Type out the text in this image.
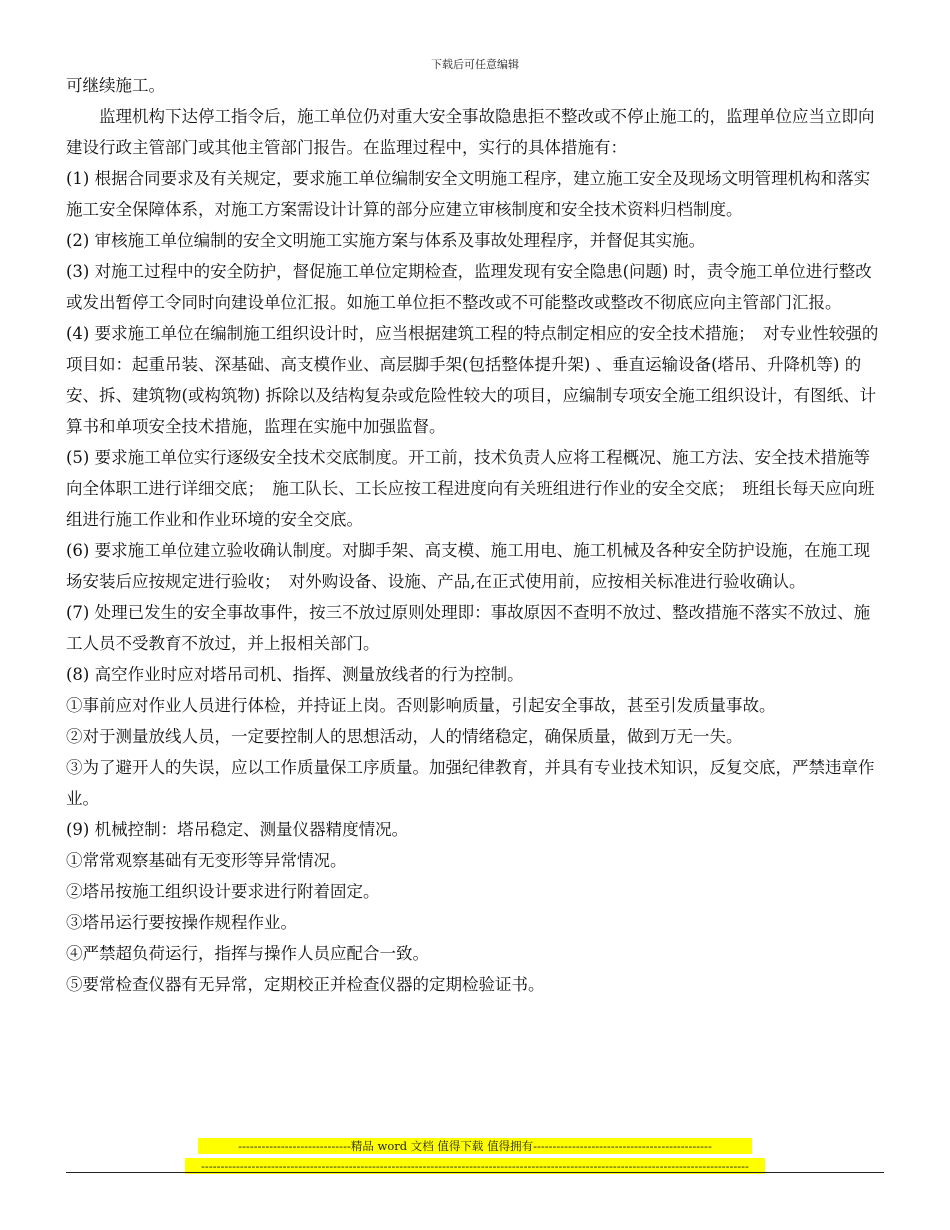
下载后可任意编辑

可继续施工。

监理机构下达停工指令后，施工单位仍对重大安全事故隐患拒不整改或不停止施工的，监理单位应当立即向建设行政主管部门或其他主管部门报告。在监理过程中，实行的具体措施有：

(1) 根据合同要求及有关规定，要求施工单位编制安全文明施工程序，建立施工安全及现场文明管理机构和落实施工安全保障体系，对施工方案需设计计算的部分应建立审核制度和安全技术资料归档制度。

(2) 审核施工单位编制的安全文明施工实施方案与体系及事故处理程序，并督促其实施。

(3) 对施工过程中的安全防护，督促施工单位定期检查，监理发现有安全隐患(问题) 时，责令施工单位进行整改或发出暂停工令同时向建设单位汇报。如施工单位拒不整改或不可能整改或整改不彻底应向主管部门汇报。

(4) 要求施工单位在编制施工组织设计时，应当根据建筑工程的特点制定相应的安全技术措施；　对专业性较强的项目如：起重吊装、深基础、高支模作业、高层脚手架(包括整体提升架) 、垂直运输设备(塔吊、升降机等) 的安、拆、建筑物(或构筑物) 拆除以及结构复杂或危险性较大的项目，应编制专项安全施工组织设计，有图纸、计算书和单项安全技术措施，监理在实施中加强监督。

(5) 要求施工单位实行逐级安全技术交底制度。开工前，技术负责人应将工程概况、施工方法、安全技术措施等向全体职工进行详细交底；　施工队长、工长应按工程进度向有关班组进行作业的安全交底；　班组长每天应向班组进行施工作业和作业环境的安全交底。

(6) 要求施工单位建立验收确认制度。对脚手架、高支模、施工用电、施工机械及各种安全防护设施，在施工现场安装后应按规定进行验收；　对外购设备、设施、产品,在正式使用前，应按相关标准进行验收确认。

(7) 处理已发生的安全事故事件，按三不放过原则处理即：事故原因不查明不放过、整改措施不落实不放过、施工人员不受教育不放过，并上报相关部门。

(8) 高空作业时应对塔吊司机、指挥、测量放线者的行为控制。

①事前应对作业人员进行体检，并持证上岗。否则影响质量，引起安全事故，甚至引发质量事故。

②对于测量放线人员，一定要控制人的思想活动，人的情绪稳定，确保质量，做到万无一失。

③为了避开人的失误，应以工作质量保工序质量。加强纪律教育，并具有专业技术知识，反复交底，严禁违章作业。

(9) 机械控制：塔吊稳定、测量仪器精度情况。

①常常观察基础有无变形等异常情况。

②塔吊按施工组织设计要求进行附着固定。

③塔吊运行要按操作规程作业。

④严禁超负荷运行，指挥与操作人员应配合一致。

⑤要常检查仪器有无异常，定期校正并检查仪器的定期检验证书。

-----------------------------精品 word 文档 值得下载 值得拥有----------------------------------------------
---------------------------------------------------------------------------------------------------------------------------------------------
